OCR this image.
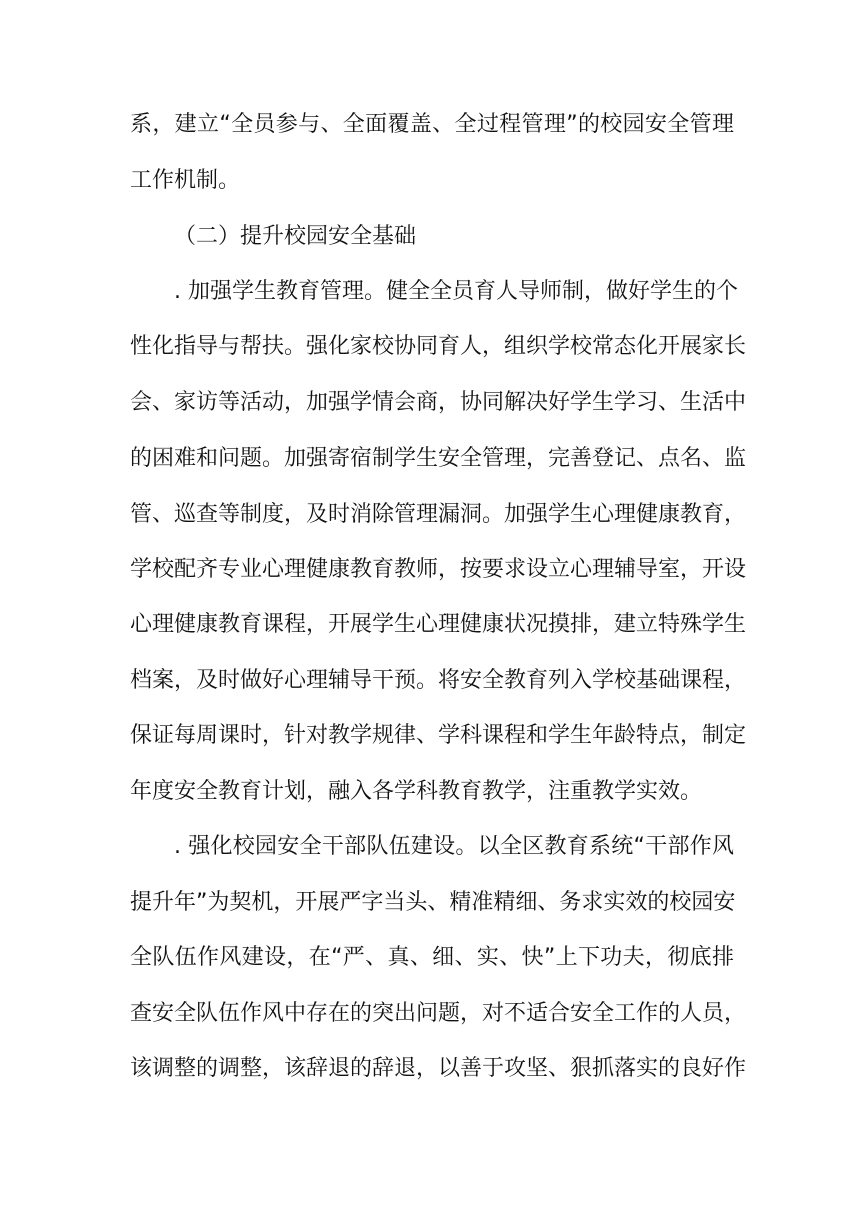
系，建立“全员参与、全面覆盖、全过程管理”的校园安全管理
工作机制。
（二）提升校园安全基础
. 加强学生教育管理。健全全员育人导师制，做好学生的个
性化指导与帮扶。强化家校协同育人，组织学校常态化开展家长
会、家访等活动，加强学情会商，协同解决好学生学习、生活中
的困难和问题。加强寄宿制学生安全管理，完善登记、点名、监
管、巡查等制度，及时消除管理漏洞。加强学生心理健康教育，
学校配齐专业心理健康教育教师，按要求设立心理辅导室，开设
心理健康教育课程，开展学生心理健康状况摸排，建立特殊学生
档案，及时做好心理辅导干预。将安全教育列入学校基础课程，
保证每周课时，针对教学规律、学科课程和学生年龄特点，制定
年度安全教育计划，融入各学科教育教学，注重教学实效。
. 强化校园安全干部队伍建设。以全区教育系统“干部作风
提升年”为契机，开展严字当头、精准精细、务求实效的校园安
全队伍作风建设，在“严、真、细、实、快”上下功夫，彻底排
查安全队伍作风中存在的突出问题，对不适合安全工作的人员，
该调整的调整，该辞退的辞退，以善于攻坚、狠抓落实的良好作
